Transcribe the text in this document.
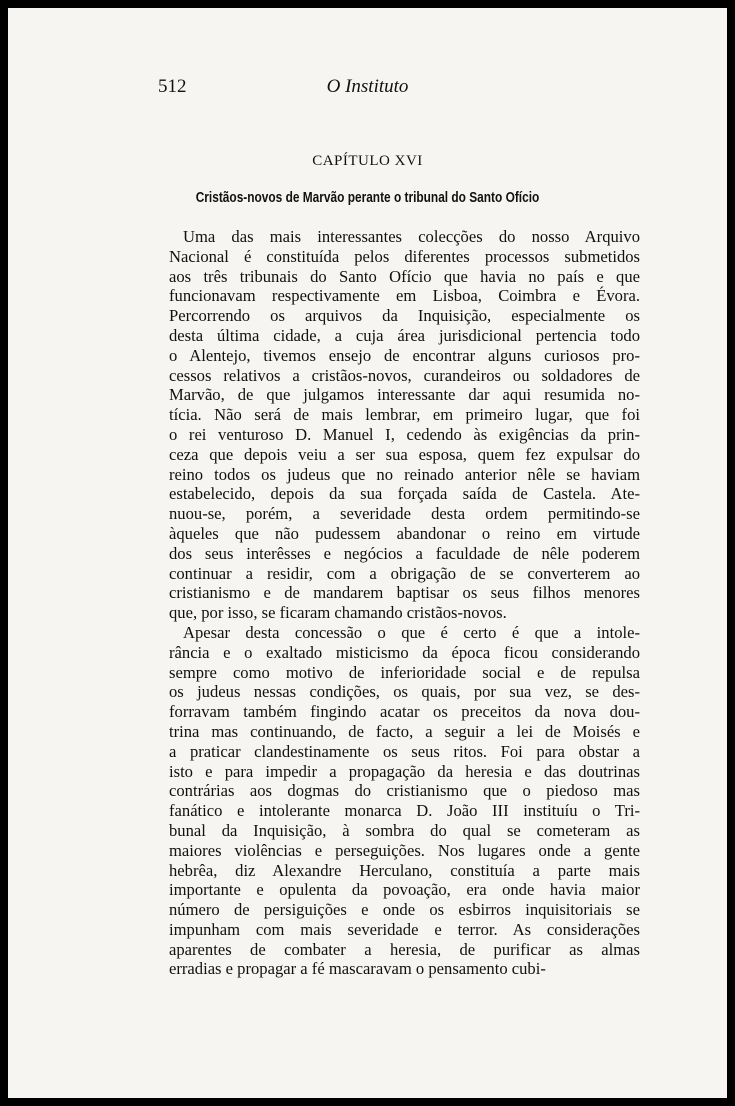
512	O Instituto
CAPÍTULO XVI
Cristãos-novos de Marvão perante o tribunal do Santo Ofício
Uma das mais interessantes colecções do nosso Arquivo
Nacional é constituída pelos diferentes processos submetidos
aos três tribunais do Santo Ofício que havia no país e que
funcionavam respectivamente em Lisboa, Coimbra e Évora.
Percorrendo os arquivos da Inquisição, especialmente os
desta última cidade, a cuja área jurisdicional pertencia todo
o Alentejo, tivemos ensejo de encontrar alguns curiosos pro-
cessos relativos a cristãos-novos, curandeiros ou soldadores de
Marvão, de que julgamos interessante dar aqui resumida no-
tícia. Não será de mais lembrar, em primeiro lugar, que foi
o rei venturoso D. Manuel I, cedendo às exigências da prin-
ceza que depois veiu a ser sua esposa, quem fez expulsar do
reino todos os judeus que no reinado anterior nêle se haviam
estabelecido, depois da sua forçada saída de Castela. Ate-
nuou-se, porém, a severidade desta ordem permitindo-se
àqueles que não pudessem abandonar o reino em virtude
dos seus interêsses e negócios a faculdade de nêle poderem
continuar a residir, com a obrigação de se converterem ao
cristianismo e de mandarem baptisar os seus filhos menores
que, por isso, se ficaram chamando cristãos-novos.
Apesar desta concessão o que é certo é que a intole-
rância e o exaltado misticismo da época ficou considerando
sempre como motivo de inferioridade social e de repulsa
os judeus nessas condições, os quais, por sua vez, se des-
forravam também fingindo acatar os preceitos da nova dou-
trina mas continuando, de facto, a seguir a lei de Moisés e
a praticar clandestinamente os seus ritos. Foi para obstar a
isto e para impedir a propagação da heresia e das doutrinas
contrárias aos dogmas do cristianismo que o piedoso mas
fanático e intolerante monarca D. João III instituíu o Tri-
bunal da Inquisição, à sombra do qual se cometeram as
maiores violências e perseguições. Nos lugares onde a gente
hebrêa, diz Alexandre Herculano, constituía a parte mais
importante e opulenta da povoação, era onde havia maior
número de persiguições e onde os esbirros inquisitoriais se
impunham com mais severidade e terror. As considerações
aparentes de combater a heresia, de purificar as almas
erradias e propagar a fé mascaravam o pensamento cubi-
